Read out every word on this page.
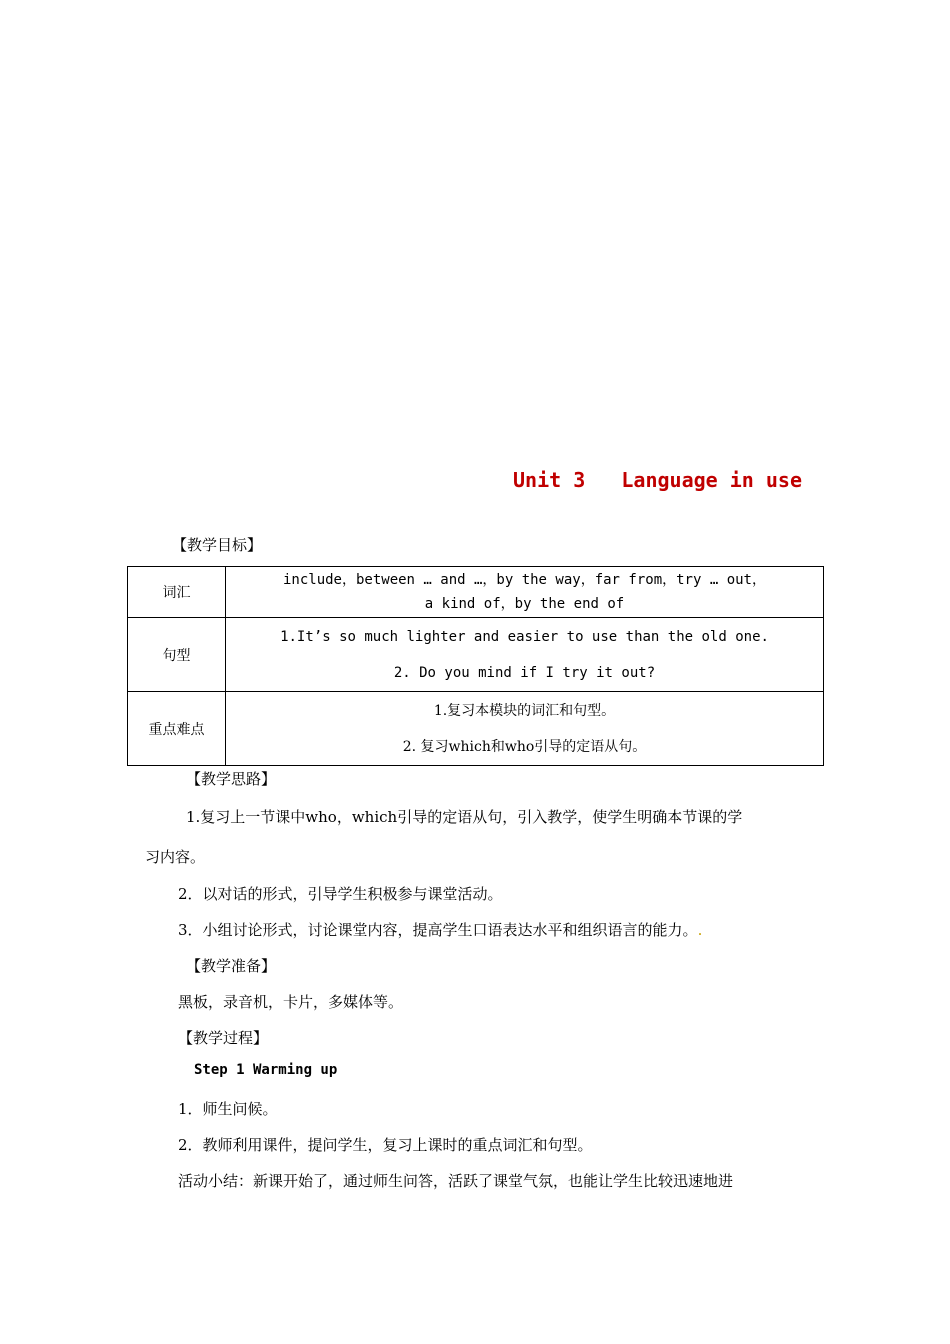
Unit 3   Language in use
【教学目标】
词汇	include，between … and …，by the way，far from，try … out，
a kind of，by the end of

句型	1.It’s so much lighter and easier to use than the old one.
2. Do you mind if I try it out?

重点难点	1.复习本模块的词汇和句型。
2. 复习which和who引导的定语从句。
【教学思路】
1.复习上一节课中who，which引导的定语从句，引入教学，使学生明确本节课的学
习内容。
2．以对话的形式，引导学生积极参与课堂活动。
3．小组讨论形式，讨论课堂内容，提高学生口语表达水平和组织语言的能力。.
【教学准备】
黑板，录音机，卡片，多媒体等。
【教学过程】
Step 1 Warming up
1．师生问候。
2．教师利用课件，提问学生，复习上课时的重点词汇和句型。
活动小结：新课开始了，通过师生问答，活跃了课堂气氛，也能让学生比较迅速地进
